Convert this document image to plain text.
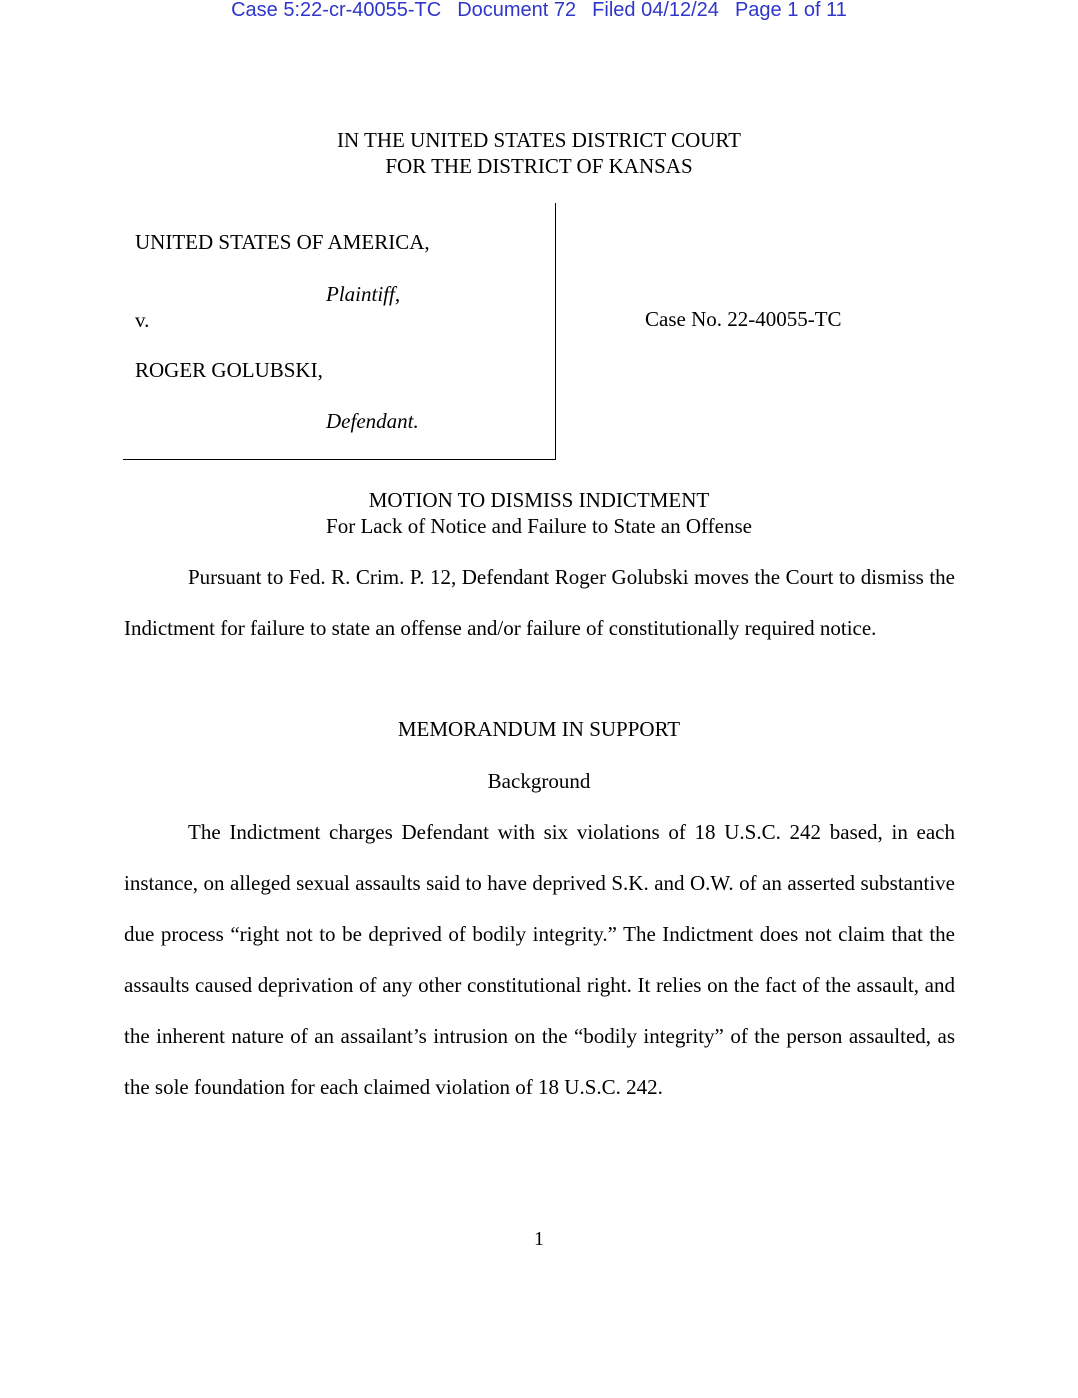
Case 5:22-cr-40055-TC Document 72 Filed 04/12/24 Page 1 of 11
IN THE UNITED STATES DISTRICT COURT
FOR THE DISTRICT OF KANSAS
UNITED STATES OF AMERICA,
Plaintiff,
v.
ROGER GOLUBSKI,
Defendant.
Case No. 22-40055-TC
MOTION TO DISMISS INDICTMENT
For Lack of Notice and Failure to State an Offense
Pursuant to Fed. R. Crim. P. 12, Defendant Roger Golubski moves the Court to dismiss the Indictment for failure to state an offense and/or failure of constitutionally required notice.
MEMORANDUM IN SUPPORT
Background
The Indictment charges Defendant with six violations of 18 U.S.C. 242 based, in each instance, on alleged sexual assaults said to have deprived S.K. and O.W. of an asserted substantive due process “right not to be deprived of bodily integrity.” The Indictment does not claim that the assaults caused deprivation of any other constitutional right. It relies on the fact of the assault, and the inherent nature of an assailant’s intrusion on the “bodily integrity” of the person assaulted, as the sole foundation for each claimed violation of 18 U.S.C. 242.
1
